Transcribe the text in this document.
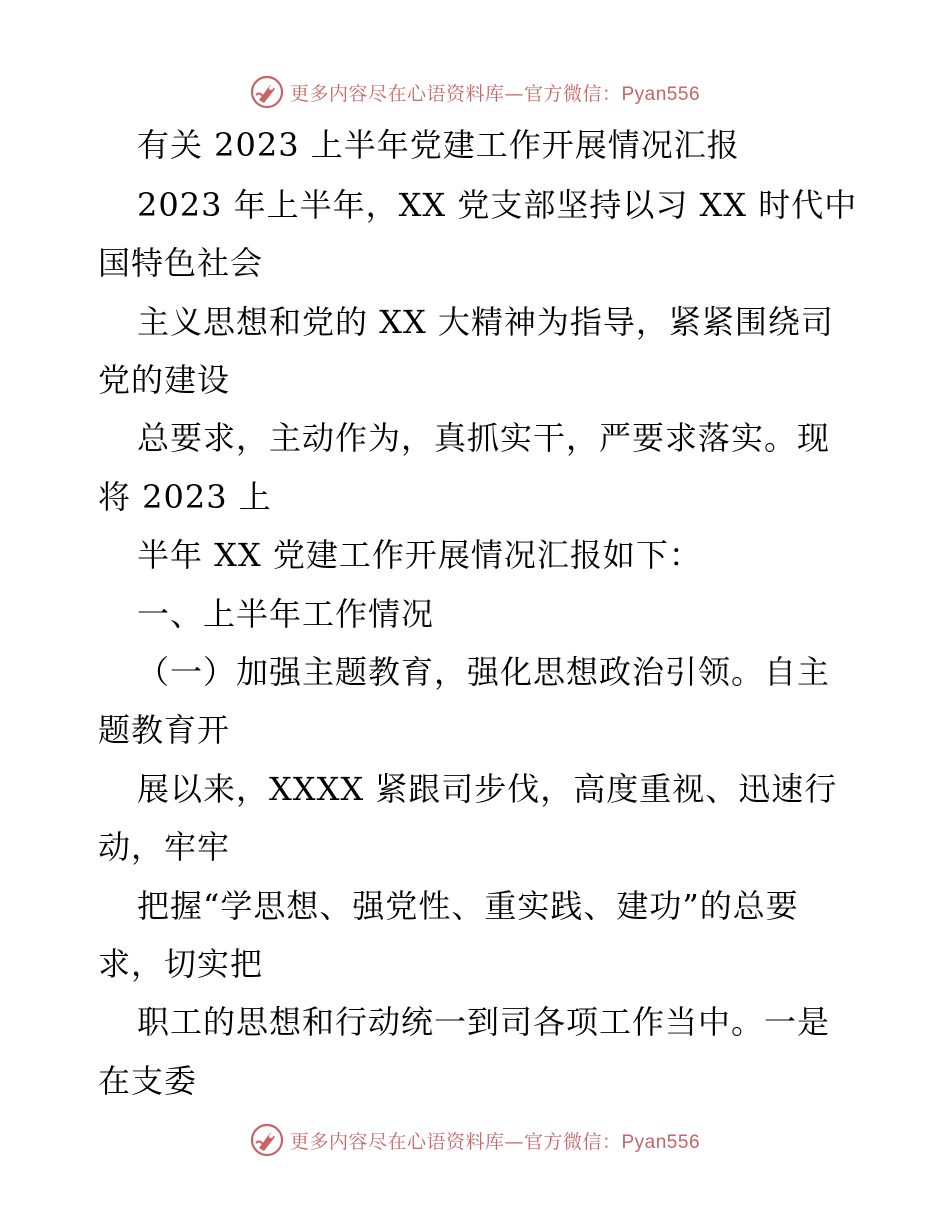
更多内容尽在心语资料库—官方微信：Pyan556
有关 2023 上半年党建工作开展情况汇报
2023 年上半年，XX 党支部坚持以习 XX 时代中
国特色社会
主义思想和党的 XX 大精神为指导，紧紧围绕司
党的建设
总要求，主动作为，真抓实干，严要求落实。现
将 2023 上
半年 XX 党建工作开展情况汇报如下：
一、上半年工作情况
（一）加强主题教育，强化思想政治引领。自主
题教育开
展以来，XXXX 紧跟司步伐，高度重视、迅速行
动，牢牢
把握“学思想、强党性、重实践、建功”的总要
求，切实把
职工的思想和行动统一到司各项工作当中。一是
在支委
更多内容尽在心语资料库—官方微信：Pyan556
